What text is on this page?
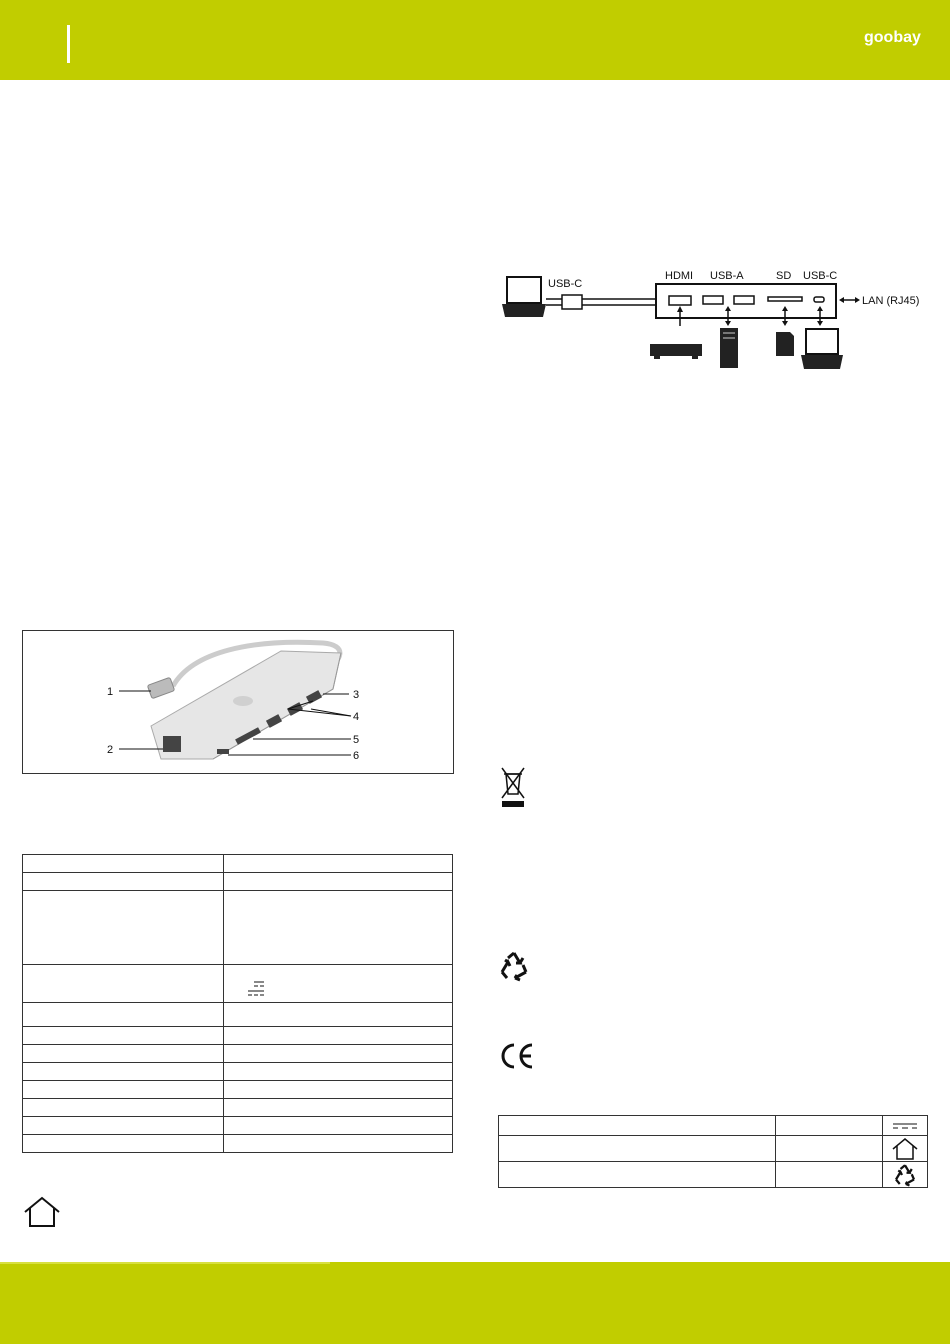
goobay
USB-C
HDMI USB-A	SD USB-C
LAN (RJ45)
1
2
3
4
5
6
